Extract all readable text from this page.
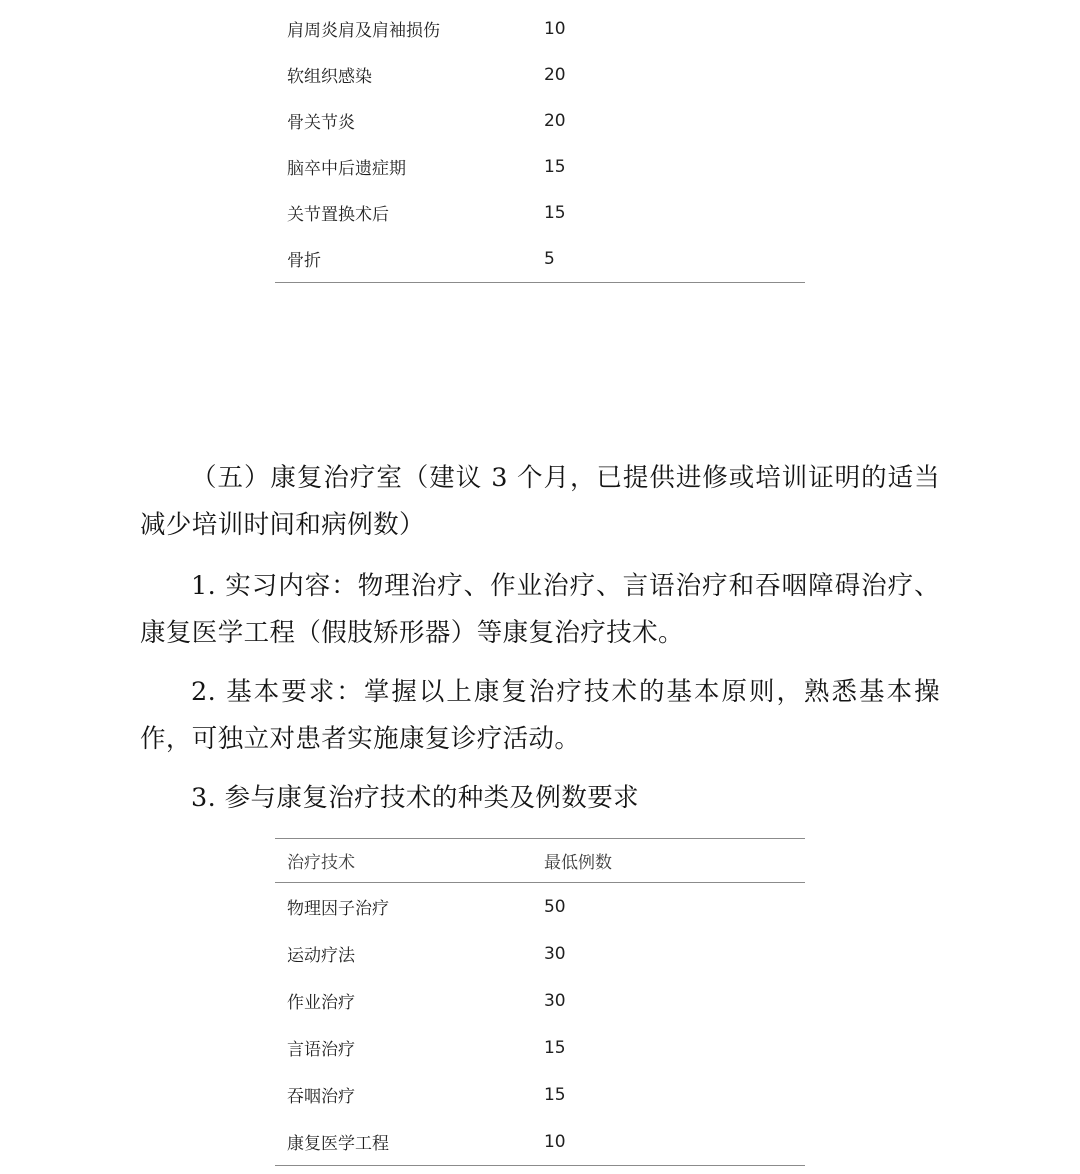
肩周炎肩及肩袖损伤	10
软组织感染	20
骨关节炎	20
脑卒中后遗症期	15
关节置换术后	15
骨折	5
（五）康复治疗室（建议 3 个月，已提供进修或培训证明的适当减少培训时间和病例数）
1. 实习内容：物理治疗、作业治疗、言语治疗和吞咽障碍治疗、康复医学工程（假肢矫形器）等康复治疗技术。
2. 基本要求：掌握以上康复治疗技术的基本原则，熟悉基本操作，可独立对患者实施康复诊疗活动。
3. 参与康复治疗技术的种类及例数要求
治疗技术	最低例数
物理因子治疗	50
运动疗法	30
作业治疗	30
言语治疗	15
吞咽治疗	15
康复医学工程	10
